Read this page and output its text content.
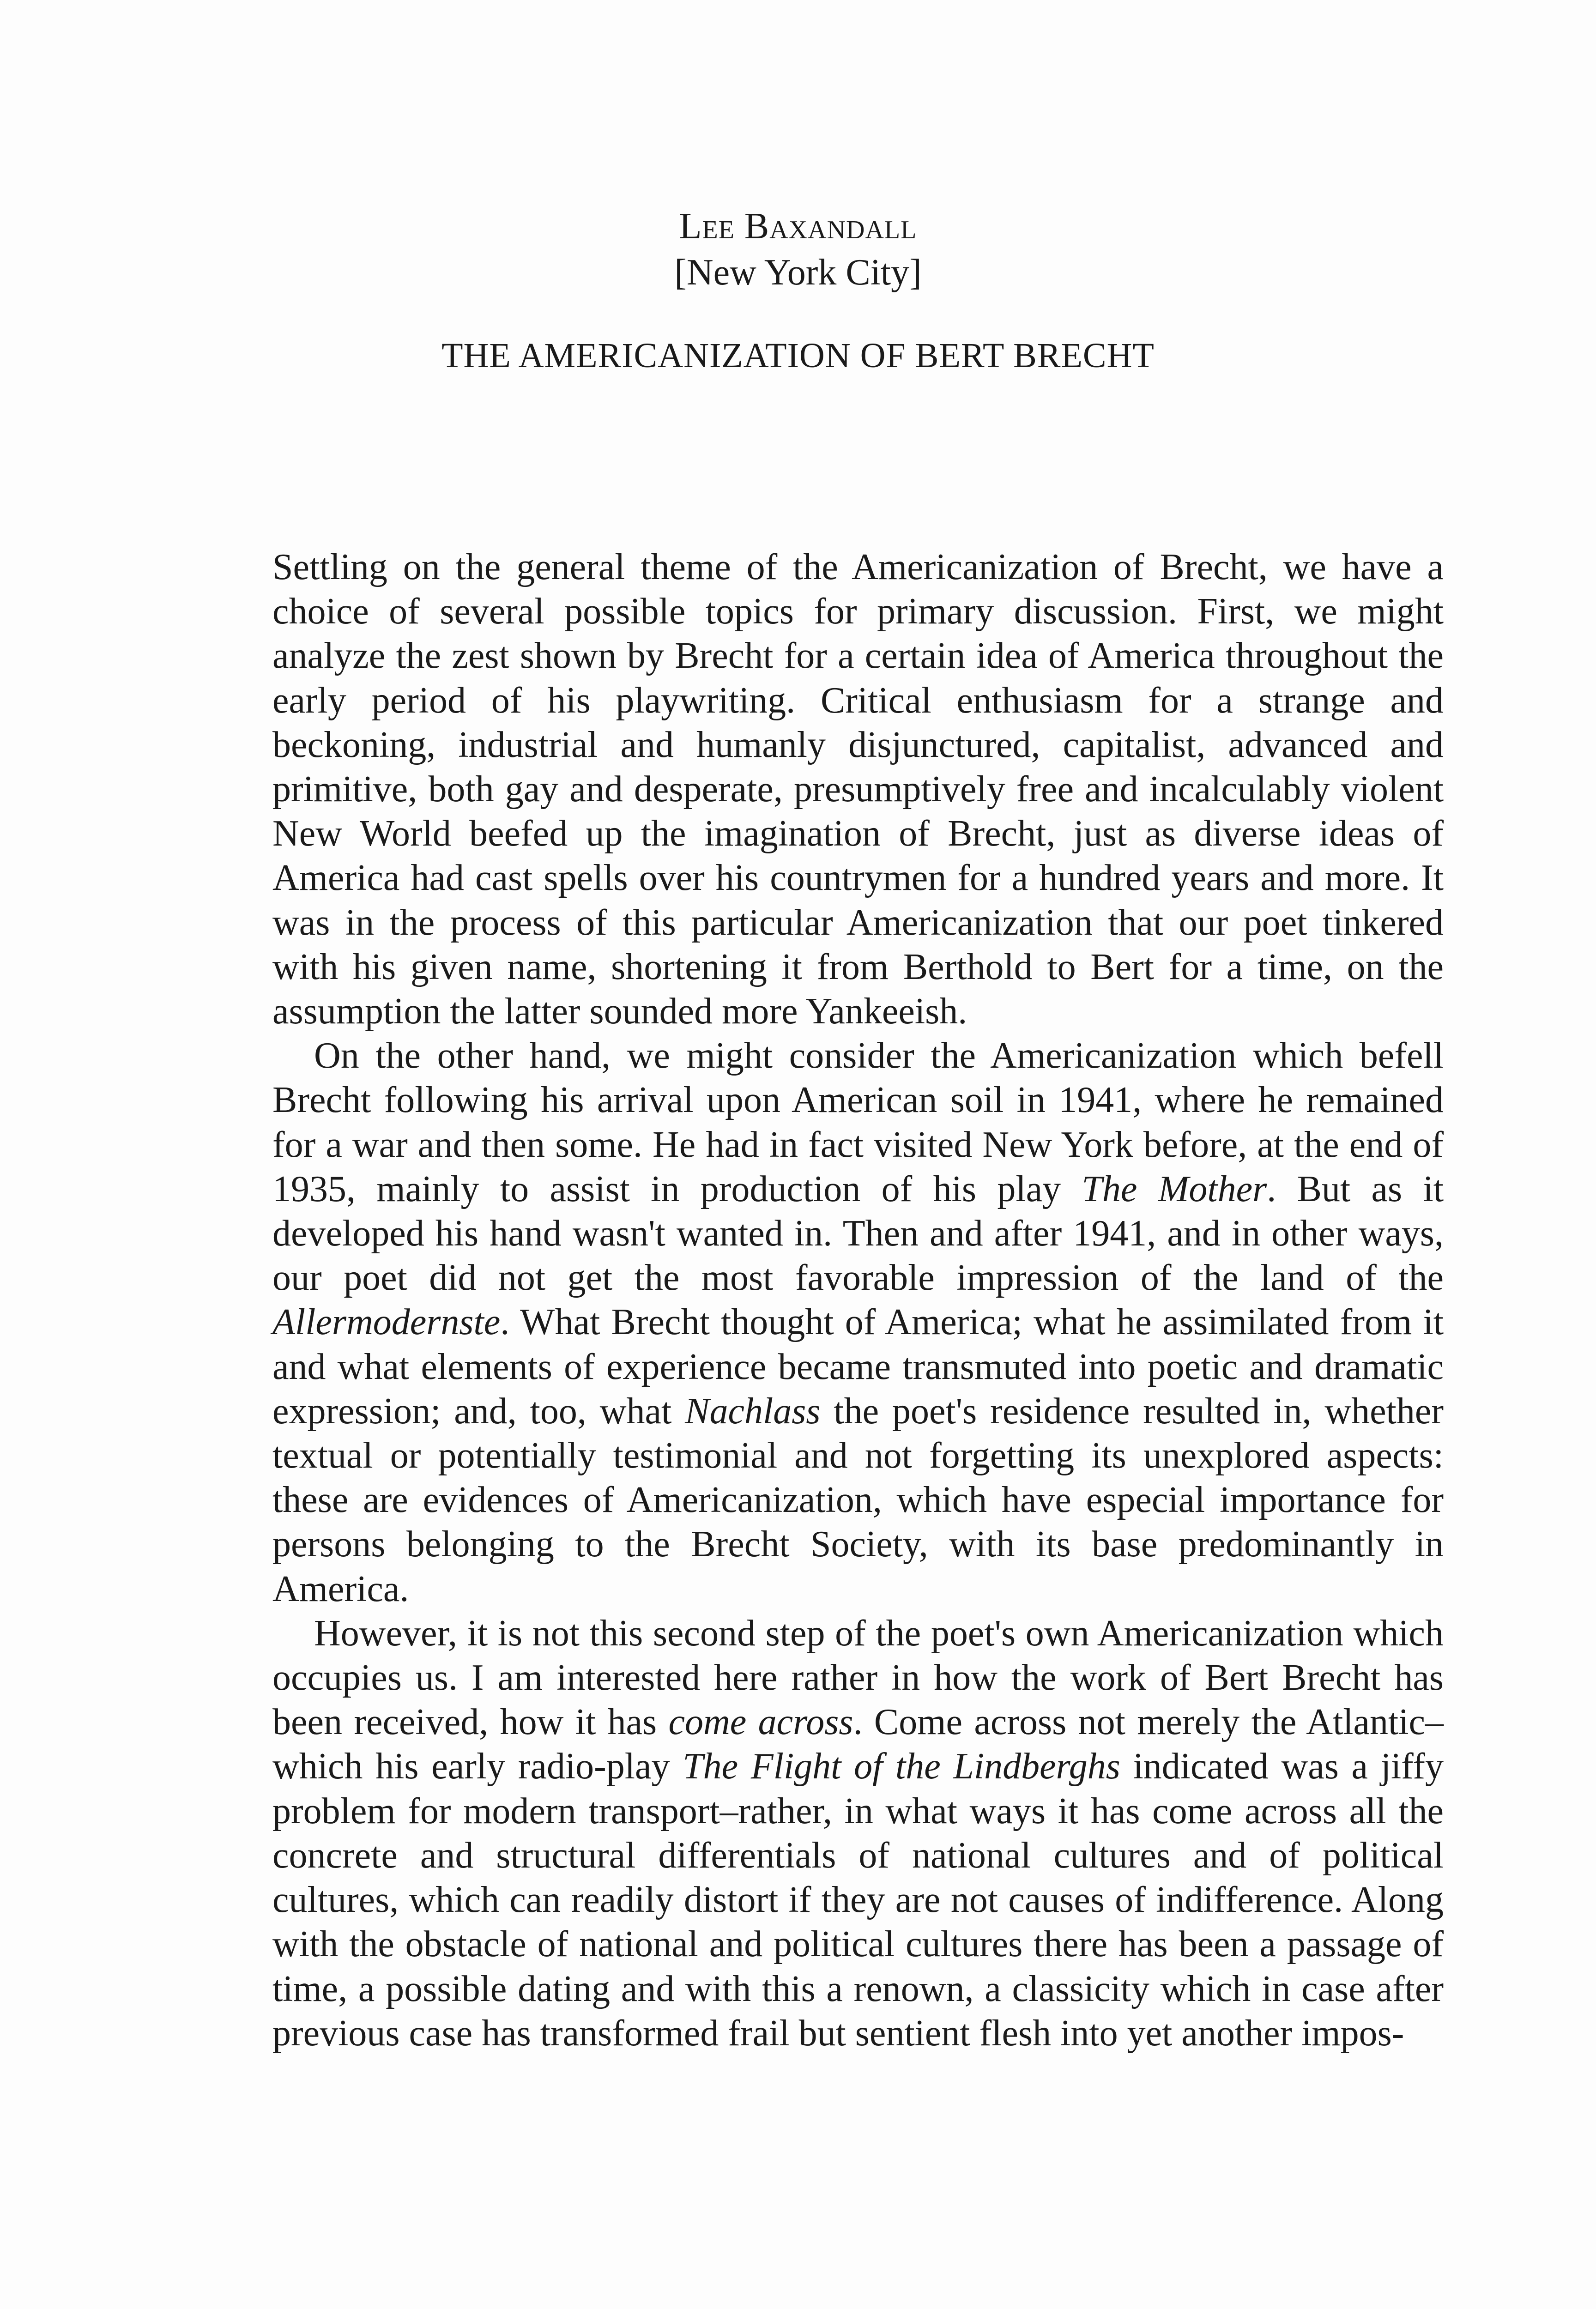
Lee Baxandall
[New York City]
THE AMERICANIZATION OF BERT BRECHT

Settling on the general theme of the Americanization of Brecht, we have a choice of several possible topics for primary discussion. First, we might analyze the zest shown by Brecht for a certain idea of America throughout the early period of his playwriting. Critical enthusiasm for a strange and beckoning, industrial and humanly disjunctured, capitalist, advanced and primitive, both gay and desperate, presumptively free and incalculably violent New World beefed up the imagination of Brecht, just as diverse ideas of America had cast spells over his countrymen for a hundred years and more. It was in the process of this particular Americanization that our poet tinkered with his given name, shortening it from Berthold to Bert for a time, on the assumption the latter sounded more Yankeeish.

On the other hand, we might consider the Americanization which befell Brecht following his arrival upon American soil in 1941, where he remained for a war and then some. He had in fact visited New York before, at the end of 1935, mainly to assist in production of his play The Mother. But as it developed his hand wasn't wanted in. Then and after 1941, and in other ways, our poet did not get the most favorable impression of the land of the Allermodernste. What Brecht thought of America; what he assimilated from it and what elements of experience became transmuted into poetic and dramatic expression; and, too, what Nachlass the poet's residence resulted in, whether textual or potentially testimonial and not forgetting its unexplored aspects: these are evidences of Americanization, which have especial importance for persons belonging to the Brecht Society, with its base predominantly in America.

However, it is not this second step of the poet's own Americanization which occupies us. I am interested here rather in how the work of Bert Brecht has been received, how it has come across. Come across not merely the Atlantic–which his early radio-play The Flight of the Lindberghs indicated was a jiffy problem for modern transport–rather, in what ways it has come across all the concrete and structural differentials of national cultures and of political cultures, which can readily distort if they are not causes of indifference. Along with the obstacle of national and political cultures there has been a passage of time, a possible dating and with this a renown, a classicity which in case after previous case has transformed frail but sentient flesh into yet another impos-
